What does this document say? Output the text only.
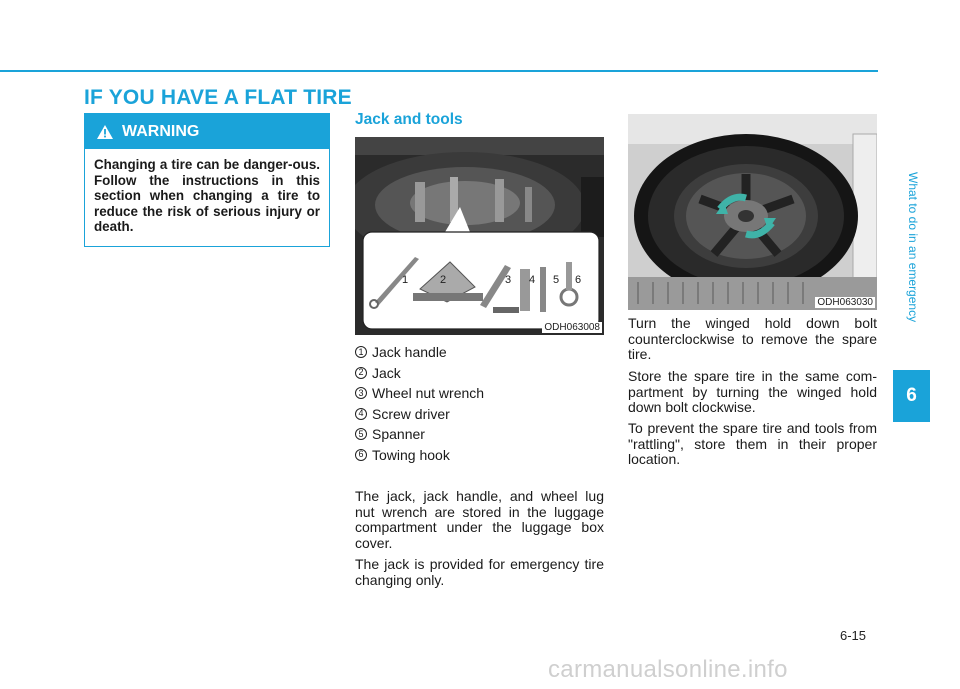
IF YOU HAVE A FLAT TIRE
WARNING

Changing a tire can be danger-ous. Follow the instructions in this section when changing a tire to reduce the risk of serious injury or death.

Jack and tools
1	2	3 4 5 6
ODH063008
1 Jack handle
2 Jack
3 Wheel nut wrench
4 Screw driver
5 Spanner
6 Towing hook

The jack, jack handle, and wheel lug nut wrench are stored in the luggage compartment under the luggage box cover.

The jack is provided for emergency tire changing only.

ODH063030

Turn the winged hold down bolt counterclockwise to remove the spare tire.

Store the spare tire in the same com-partment by turning the winged hold down bolt clockwise.

To prevent the spare tire and tools from "rattling", store them in their proper location.

What to do in an emergency
6
6-15
carmanualsonline.info
